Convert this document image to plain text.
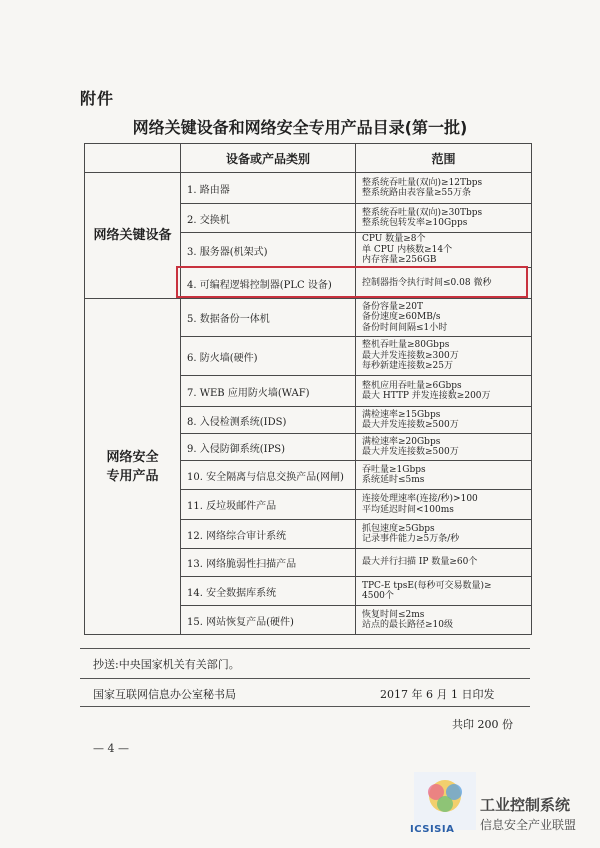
附件
网络关键设备和网络安全专用产品目录(第一批)
	设备或产品类别	范围

网络关键设备	1. 路由器	整系统吞吐量(双向)≥12Tbps
整系统路由表容量≥55万条

	2. 交换机	整系统吞吐量(双向)≥30Tbps
整系统包转发率≥10Gpps

	3. 服务器(机架式)	CPU 数量≥8个
单 CPU 内核数≥14个
内存容量≥256GB

	4. 可编程逻辑控制器(PLC 设备)	控制器指令执行时间≤0.08 微秒

网络安全
专用产品	5. 数据备份一体机	备份容量≥20T
备份速度≥60MB/s
备份时间间隔≤1小时

	6. 防火墙(硬件)	整机吞吐量≥80Gbps
最大并发连接数≥300万
每秒新建连接数≥25万

	7. WEB 应用防火墙(WAF)	整机应用吞吐量≥6Gbps
最大 HTTP 并发连接数≥200万

	8. 入侵检测系统(IDS)	满检速率≥15Gbps
最大并发连接数≥500万

	9. 入侵防御系统(IPS)	满检速率≥20Gbps
最大并发连接数≥500万

	10. 安全隔离与信息交换产品(网闸)	吞吐量≥1Gbps
系统延时≤5ms

	11. 反垃圾邮件产品	连接处理速率(连接/秒)>100
平均延迟时间<100ms

	12. 网络综合审计系统	抓包速度≥5Gbps
记录事件能力≥5万条/秒

	13. 网络脆弱性扫描产品	最大并行扫描 IP 数量≥60个

	14. 安全数据库系统	TPC-E tpsE(每秒可交易数量)≥
4500个

	15. 网站恢复产品(硬件)	恢复时间≤2ms
站点的最长路径≥10级
抄送:中央国家机关有关部门。
国家互联网信息办公室秘书局	2017 年 6 月 1 日印发
共印 200 份
— 4 —
ICSISIA
工业控制系统
信息安全产业联盟
